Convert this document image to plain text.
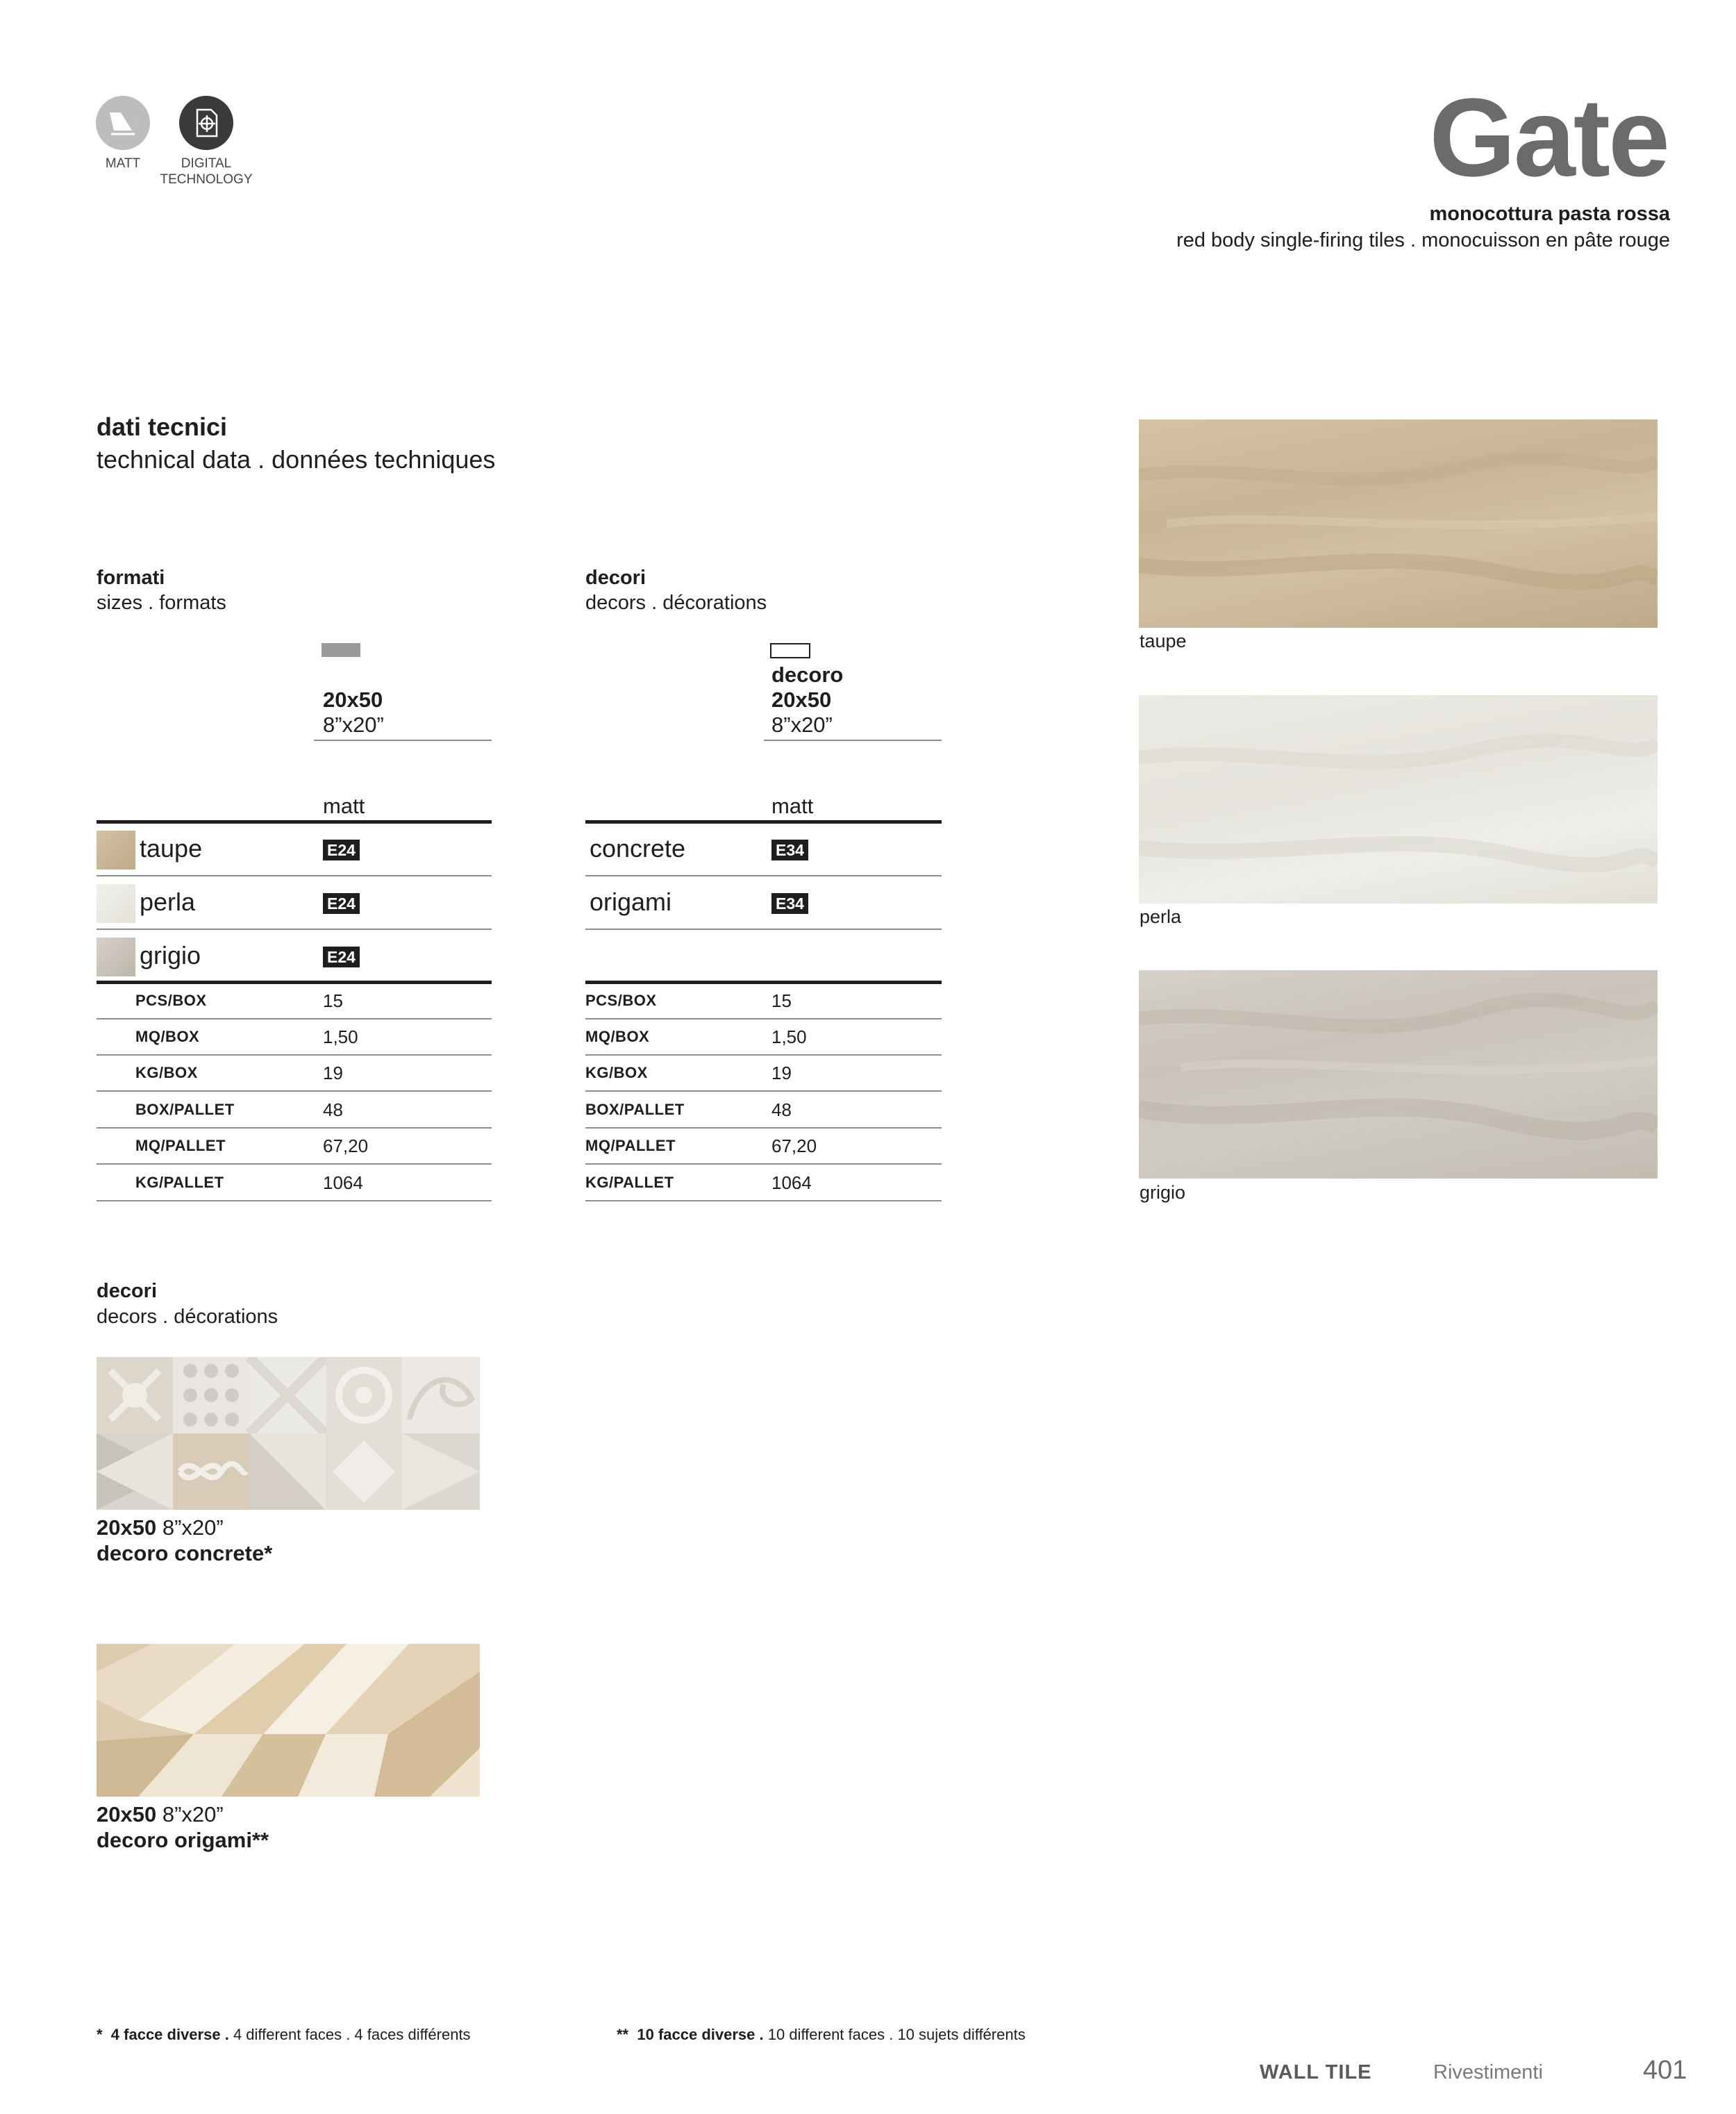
MATT	DIGITAL
TECHNOLOGY	Gate
monocottura pasta rossa
red body single-firing tiles . monocuisson en pâte rouge
dati tecnici
technical data . données techniques
formati
sizes . formats
20x50
8”x20”
matt
taupe	E24
perla	E24
grigio	E24
PCS/BOX	15
MQ/BOX	1,50
KG/BOX	19
BOX/PALLET	48
MQ/PALLET	67,20
KG/PALLET	1064
decori
decors . décorations
decoro
20x50
8”x20”
matt
concrete	E34
origami	E34
PCS/BOX	15
MQ/BOX	1,50
KG/BOX	19
BOX/PALLET	48
MQ/PALLET	67,20
KG/PALLET	1064
taupe
perla
grigio
decori
decors . décorations
20x50 8”x20”
decoro concrete*
20x50 8”x20”
decoro origami**
* 4 facce diverse . 4 different faces . 4 faces différents	** 10 facce diverse . 10 different faces . 10 sujets différents
WALL TILE	Rivestimenti	401
